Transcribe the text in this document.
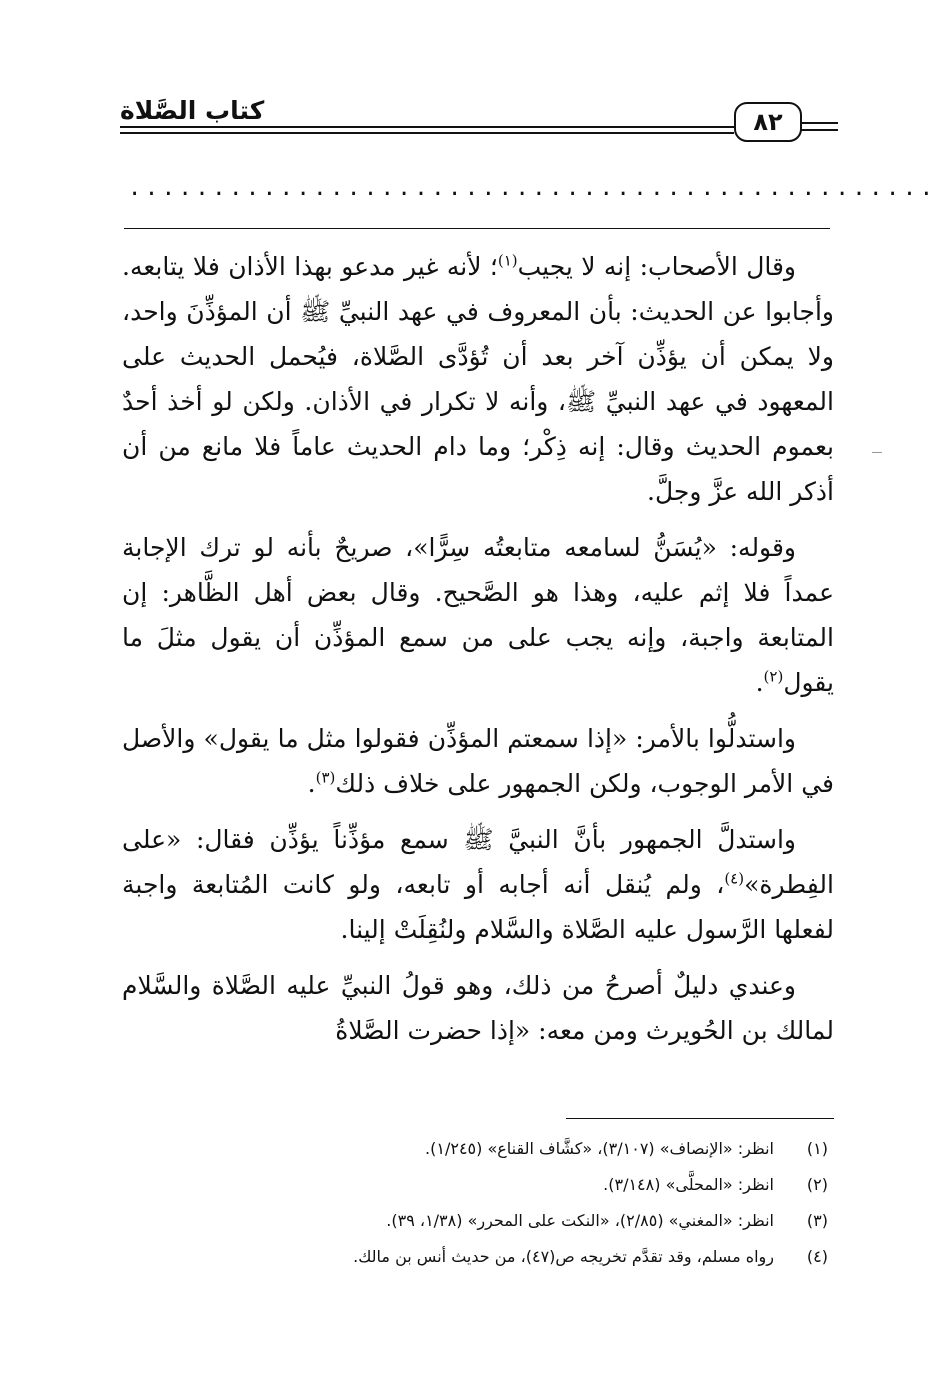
كتاب الصَّلاة	٨٢
................................................

وقال الأصحاب: إنه لا يجيب$^{(١)}$؛ لأنه غير مدعو بهذا الأذان فلا يتابعه. وأجابوا عن الحديث: بأن المعروف في عهد النبيِّ ﷺ أن المؤذِّنَ واحد، ولا يمكن أن يؤذِّن آخر بعد أن تُؤدَّى الصَّلاة، فيُحمل الحديث على المعهود في عهد النبيِّ ﷺ، وأنه لا تكرار في الأذان. ولكن لو أخذ أحدٌ بعموم الحديث وقال: إنه ذِكْر؛ وما دام الحديث عاماً فلا مانع من أن أذكر الله عزَّ وجلَّ.

وقوله: «يُسَنُّ لسامعه متابعتُه سِرًّا»، صريحٌ بأنه لو ترك الإجابة عمداً فلا إثم عليه، وهذا هو الصَّحيح. وقال بعض أهل الظَّاهر: إن المتابعة واجبة، وإنه يجب على من سمع المؤذِّن أن يقول مثلَ ما يقول$^{(٢)}$.

واستدلُّوا بالأمر: «إذا سمعتم المؤذِّن فقولوا مثل ما يقول» والأصل في الأمر الوجوب، ولكن الجمهور على خلاف ذلك$^{(٣)}$.

واستدلَّ الجمهور بأنَّ النبيَّ ﷺ سمع مؤذِّناً يؤذِّن فقال: «على الفِطرة»$^{(٤)}$، ولم يُنقل أنه أجابه أو تابعه، ولو كانت المُتابعة واجبة لفعلها الرَّسول عليه الصَّلاة والسَّلام ولنُقِلَتْ إلينا.

وعندي دليلٌ أصرحُ من ذلك، وهو قولُ النبيِّ عليه الصَّلاة والسَّلام لمالك بن الحُويرث ومن معه: «إذا حضرت الصَّلاةُ

(١)
انظر: «الإنصاف» (٣/١٠٧)، «كشَّاف القناع» (١/٢٤٥).
(٢)
انظر: «المحلَّى» (٣/١٤٨).
(٣)
انظر: «المغني» (٢/٨٥)، «النكت على المحرر» (١/٣٨، ٣٩).
(٤)
رواه مسلم، وقد تقدَّم تخريجه ص(٤٧)، من حديث أنس بن مالك.
